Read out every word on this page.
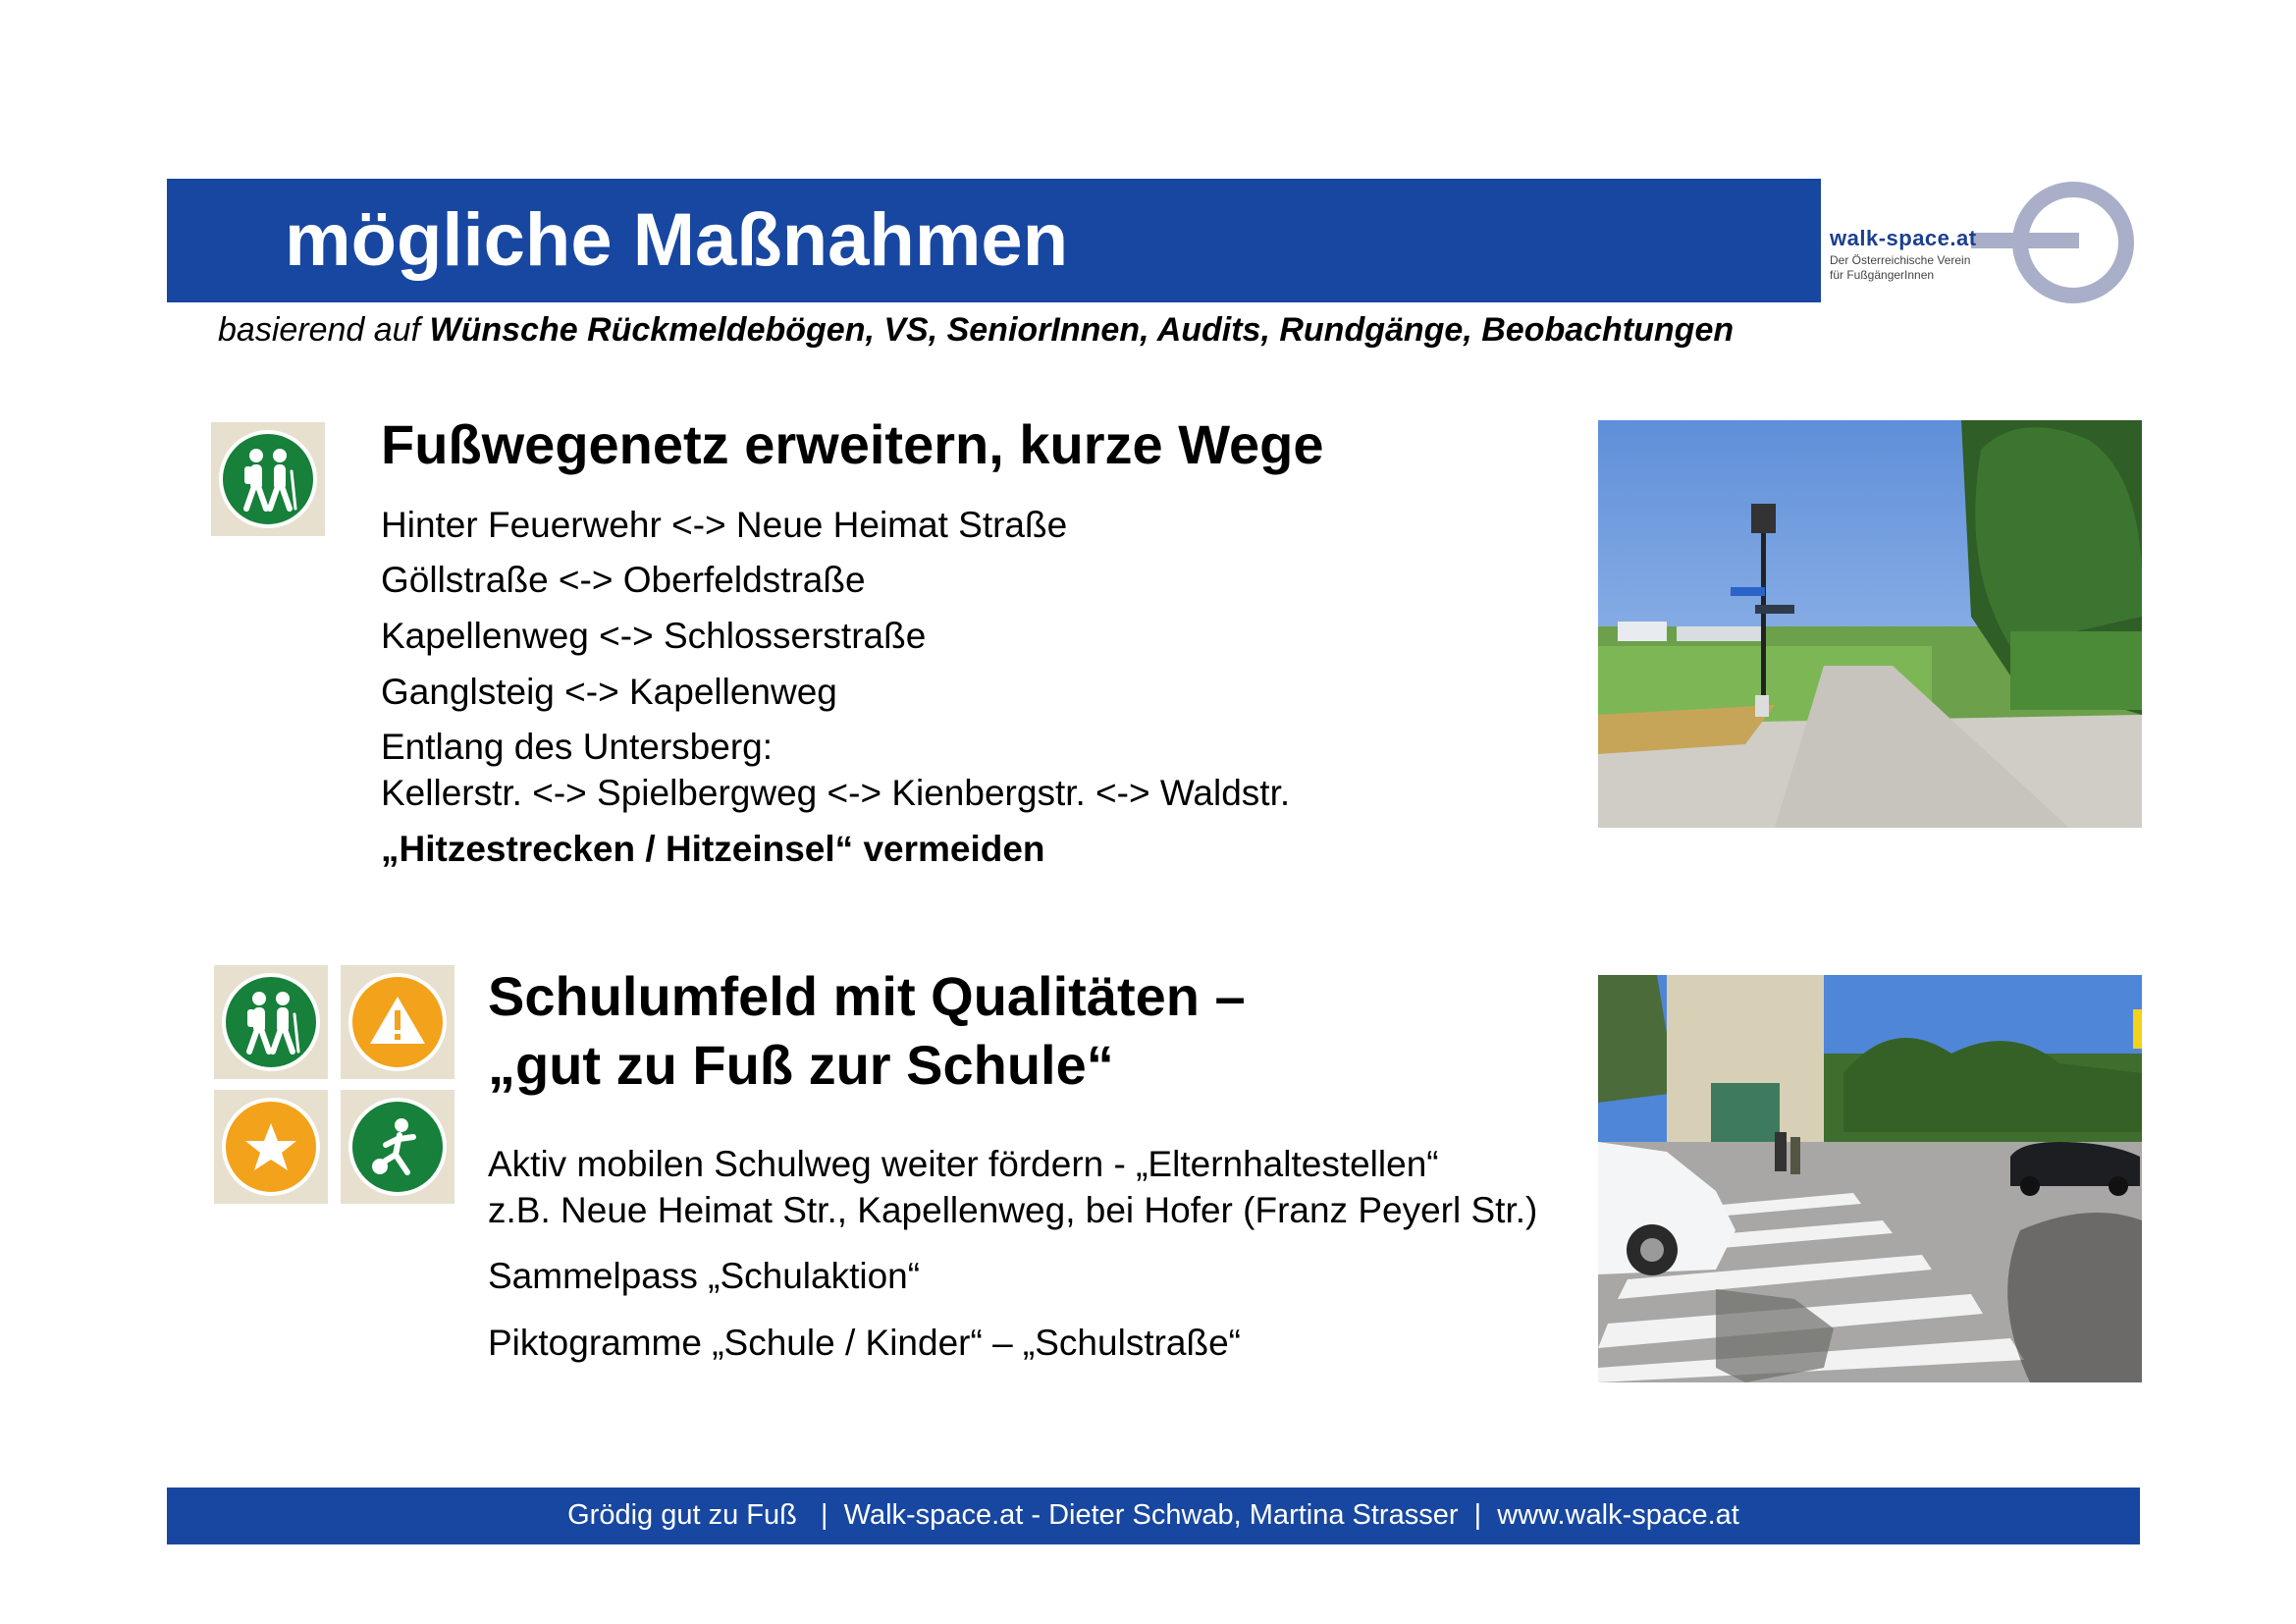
mögliche Maßnahmen	walk-space.at
Der Österreichische Verein
für FußgängerInnen
basierend auf Wünsche Rückmeldebögen, VS, SeniorInnen, Audits, Rundgänge, Beobachtungen
Fußwegenetz erweitern, kurze Wege
Hinter Feuerwehr <-> Neue Heimat Straße
Göllstraße <-> Oberfeldstraße
Kapellenweg <-> Schlosserstraße
Ganglsteig <-> Kapellenweg
Entlang des Untersberg:
Kellerstr. <-> Spielbergweg <-> Kienbergstr. <-> Waldstr.
„Hitzestrecken / Hitzeinsel“ vermeiden
Schulumfeld mit Qualitäten –
„gut zu Fuß zur Schule“
Aktiv mobilen Schulweg weiter fördern - „Elternhaltestellen“
z.B. Neue Heimat Str., Kapellenweg, bei Hofer (Franz Peyerl Str.)
Sammelpass „Schulaktion“
Piktogramme „Schule / Kinder“ – „Schulstraße“
Grödig gut zu Fuß   |  Walk-space.at - Dieter Schwab, Martina Strasser  |  www.walk-space.at
